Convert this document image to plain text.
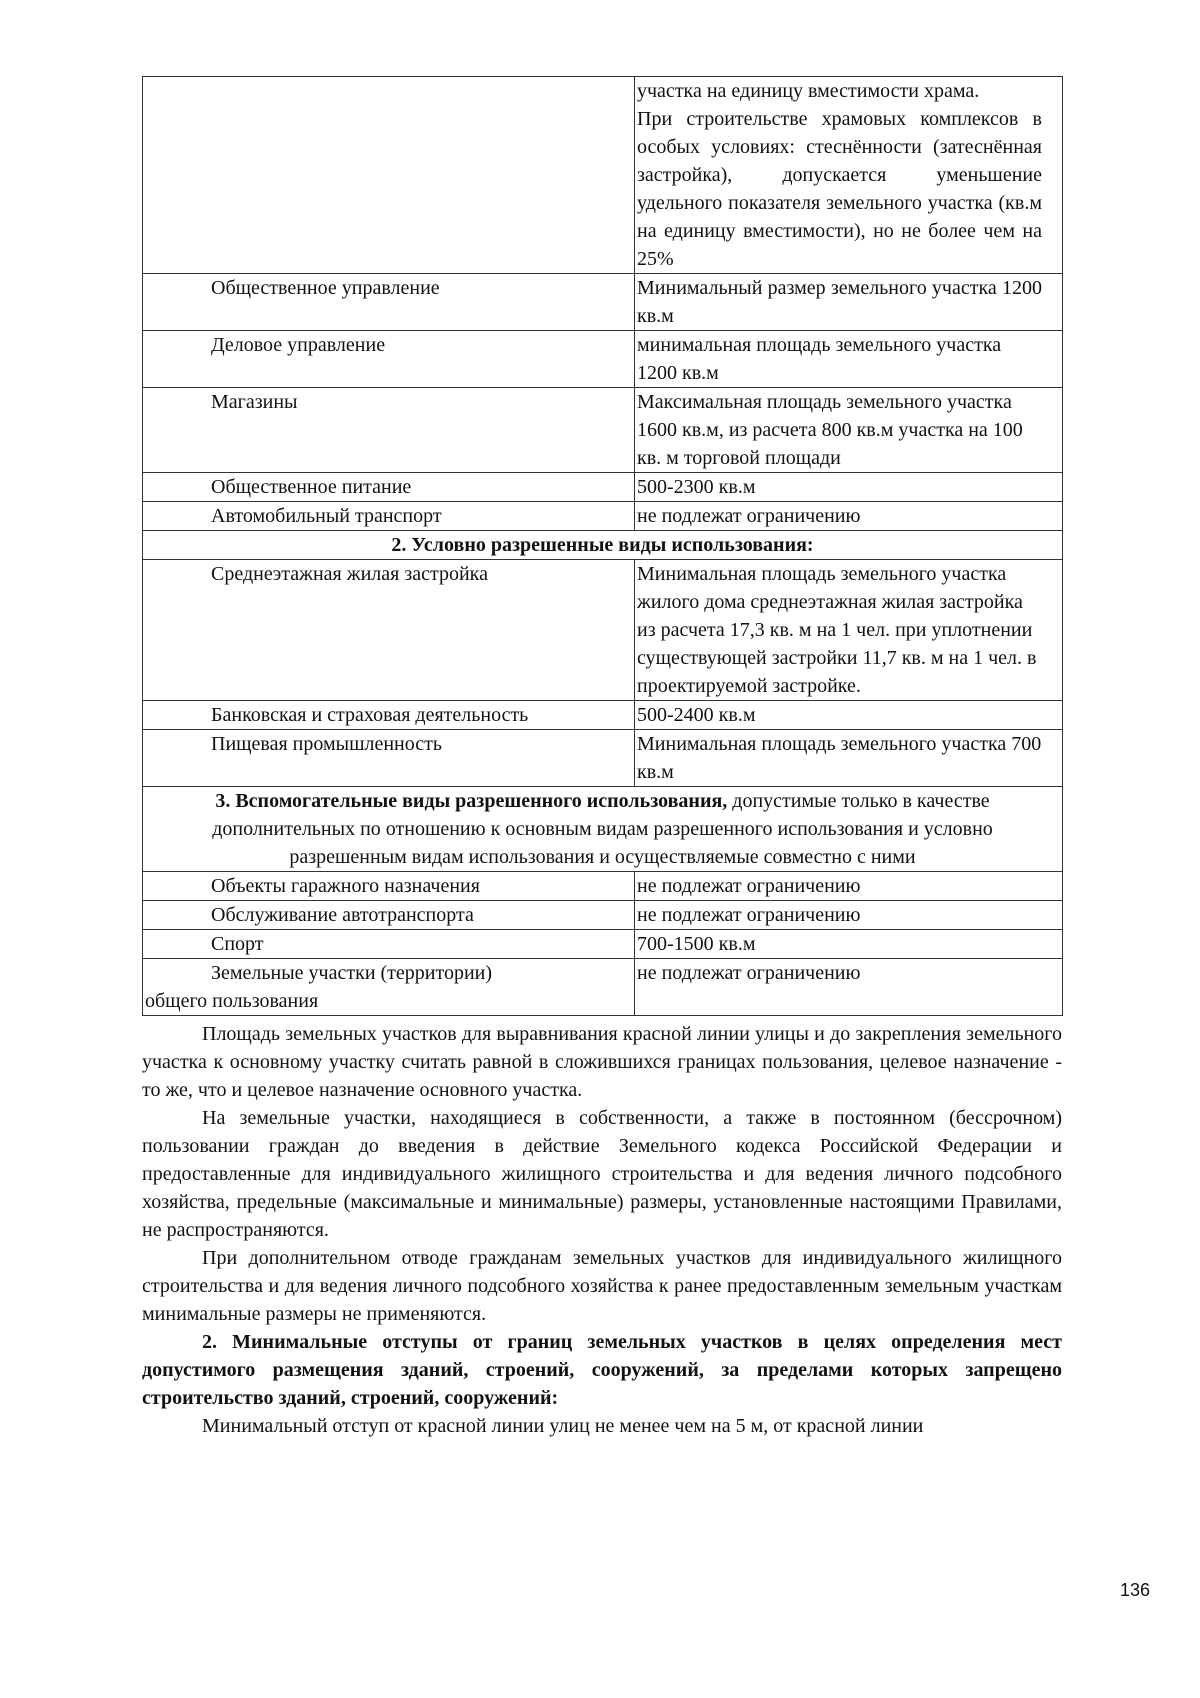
	участка на единицу вместимости храма.
При строительстве храмовых комплексов в особых условиях: стеснённости (затеснённая застройка), допускается уменьшение удельного показателя земельного участка (кв.м на единицу вместимости), но не более чем на 25%

Общественное управление	Минимальный размер земельного участка 1200 кв.м
Деловое управление	минимальная площадь земельного участка 1200 кв.м
Магазины	Максимальная площадь земельного участка 1600 кв.м, из расчета 800 кв.м участка на 100 кв. м торговой площади
Общественное питание	500-2300 кв.м
Автомобильный транспорт	не подлежат ограничению
2. Условно разрешенные виды использования:	
Среднеэтажная жилая застройка	Минимальная площадь земельного участка жилого дома среднеэтажная жилая застройка из расчета 17,3 кв. м на 1 чел. при уплотнении существующей застройки 11,7 кв. м на 1 чел. в проектируемой застройке.
Банковская и страховая деятельность	500-2400 кв.м
Пищевая промышленность	Минимальная площадь земельного участка 700 кв.м
3. Вспомогательные виды разрешенного использования, допустимые только в качестве дополнительных по отношению к основным видам разрешенного использования и условно разрешенным видам использования и осуществляемые совместно с ними	
Объекты гаражного назначения	не подлежат ограничению
Обслуживание автотранспорта	не подлежат ограничению
Спорт	700-1500 кв.м

Земельные участки (территории)
общего пользования	не подлежат ограничению

Площадь земельных участков для выравнивания красной линии улицы и до закрепления земельного участка к основному участку считать равной в сложившихся границах пользования, целевое назначение - то же, что и целевое назначение основного участка.

На земельные участки, находящиеся в собственности, а также в постоянном (бессрочном) пользовании граждан до введения в действие Земельного кодекса Российской Федерации и предоставленные для индивидуального жилищного строительства и для ведения личного подсобного хозяйства, предельные (максимальные и минимальные) размеры, установленные настоящими Правилами, не распространяются.

При дополнительном отводе гражданам земельных участков для индивидуального жилищного строительства и для ведения личного подсобного хозяйства к ранее предоставленным земельным участкам минимальные размеры не применяются.

2. Минимальные отступы от границ земельных участков в целях определения мест допустимого размещения зданий, строений, сооружений, за пределами которых запрещено строительство зданий, строений, сооружений:

Минимальный отступ от красной линии улиц не менее чем на 5 м, от красной линии

136
